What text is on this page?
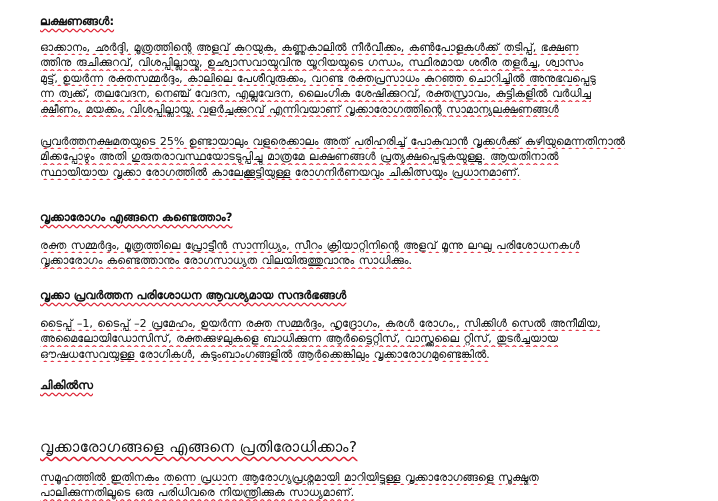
ലക്ഷണങ്ങൾ:
ഓക്കാനം, ഛർദ്ദി, മൂത്രത്തിന്റെ അളവ് കുറയുക, കണ്ണുകാലിൽ നീർവീക്കം, കൺപോളകൾക്ക് തടിപ്പ്, ഭക്ഷണ
ത്തിനു രുചിക്കുറവ്, വിശപ്പില്ലായ്മ, ഉഛ്വാസവായുവിനു യൂറിയയുടെ ഗന്ധം, സ്ഥിരമായ ശരീര തളർച്ച, ശ്വാസം
മുട്ട്, ഉയർന്ന രക്തസമ്മർദ്ദം, കാലിലെ പേശീവുരുക്കം, വറണ്ട രക്തപ്രസാധം കുറഞ്ഞ ചൊറിച്ചിൽ അനുഭവപ്പെടു
ന്ന ത്വക്ക്, തലവേദന, നെഞ്ച് വേദന, എല്ലുവേദന, ലൈംഗിക ശേഷിക്കുറവ്, രക്തസ്രാവം, കുട്ടികളിൽ വർധിച്ച
ക്ഷീണം, മയക്കം, വിശപ്പില്ലായ്മ, വളർച്ചക്കുറവ് എന്നിവയാണ് വൃക്കാരോഗത്തിന്റെ സാമാന്യലക്ഷണങ്ങൾ
പ്രവർത്തനക്ഷമതയുടെ 25% ഉണ്ടായാലും വളരെക്കാലം അത് പരിഹരിച്ച് പോകുവാൻ വൃക്കൾക്ക് കഴിയുമെന്നതിനാൽ
മിക്കപ്പോഴും അതി ഗുരുതരാവസ്ഥയോടടുപ്പിച്ചു മാത്രമേ ലക്ഷണങ്ങൾ പ്രത്യക്ഷപ്പെടുകയുള്ളു. ആയതിനാൽ
സ്ഥായിയായ വൃക്കാ രോഗത്തിൽ കാലേക്കൂട്ടിയുള്ള രോഗനിർണയവും ചികിത്സയും പ്രധാനമാണ്.
വൃക്കാരോഗം എങ്ങനെ കണ്ടെത്താം?
രക്ത സമ്മർദ്ദം, മൂത്രത്തിലെ പ്രോട്ടീൻ സാന്നിധ്യം, സീറം ക്രിയാറ്റിനിന്റെ അളവ് മൂന്നു ലഘു പരിശോധനകൾ
വൃക്കാരോഗം കണ്ടെത്താനും രോഗസാധ്യത വിലയിരുത്തുവാനും സാധിക്കും.
വൃക്കാ പ്രവർത്തന പരിശോധന ആവശ്യമായ സന്ദർഭങ്ങൾ
ടൈപ്പ് –1, ടൈപ്പ് –2 പ്രമേഹം, ഉയർന്ന രക്ത സമ്മർദ്ദം, ഹൃദ്രോഗം, കരൾ രോഗം,, സിക്കിൾ സെൽ അനീമിയ,
അമൈലോയിഡോസിസ്, രക്തക്കുഴലുകളെ ബാധിക്കുന്ന ആർട്ടൈറ്റിസ്, വാസ്ക്കുലൈ റ്റിസ്, തുടർച്ചയായ
ഔഷധസേവയുള്ള രോഗികൾ, കുടുംബാംഗങ്ങളിൽ ആർക്കെങ്കിലും വൃക്കാരോഗമുണ്ടെങ്കിൽ.
ചികിൽസ
വൃക്കാരോഗങ്ങളെ എങ്ങനെ പ്രതിരോധിക്കാം?
സമൂഹത്തിൽ ഇതിനകം തന്നെ പ്രധാന ആരോഗ്യപ്രശ്നമായി മാറിയിട്ടുള്ള വൃക്കാരോഗങ്ങളെ സൂക്ഷ്മത
പാലിക്കുന്നതിലൂടെ ഒരു പരിധിവരെ നിയന്ത്രിക്കുക സാധ്യമാണ്.
